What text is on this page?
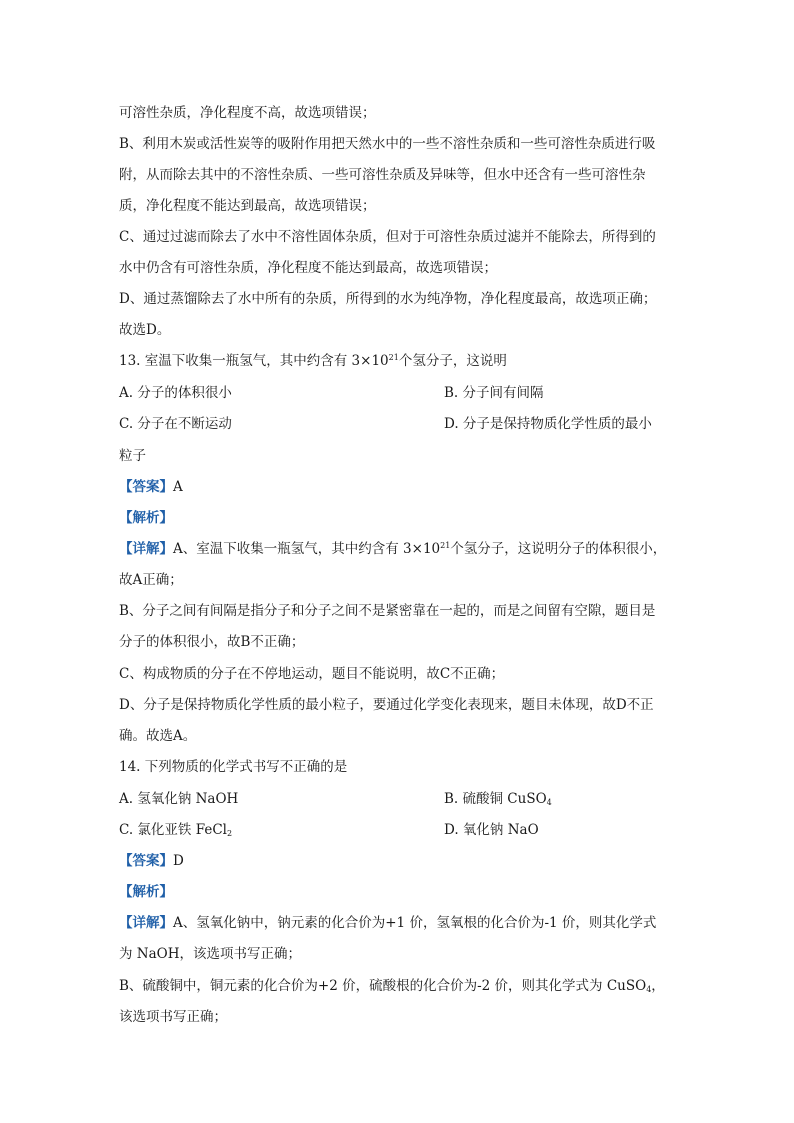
可溶性杂质，净化程度不高，故选项错误；
B、利用木炭或活性炭等的吸附作用把天然水中的一些不溶性杂质和一些可溶性杂质进行吸
附，从而除去其中的不溶性杂质、一些可溶性杂质及异味等，但水中还含有一些可溶性杂
质，净化程度不能达到最高，故选项错误；
C、通过过滤而除去了水中不溶性固体杂质，但对于可溶性杂质过滤并不能除去，所得到的
水中仍含有可溶性杂质，净化程度不能达到最高，故选项错误；
D、通过蒸馏除去了水中所有的杂质，所得到的水为纯净物，净化程度最高，故选项正确；
故选D。
13. 室温下收集一瓶氢气，其中约含有 $3\times 10^{21}$个氢分子，这说明
A. 分子的体积很小	B. 分子间有间隔
C. 分子在不断运动	D. 分子是保持物质化学性质的最小
粒子
【答案】A
【解析】
【详解】A、室温下收集一瓶氢气，其中约含有 $3\times 10^{21}$个氢分子，这说明分子的体积很小，
故A正确；
B、分子之间有间隔是指分子和分子之间不是紧密靠在一起的，而是之间留有空隙，题目是
分子的体积很小，故B不正确；
C、构成物质的分子在不停地运动，题目不能说明，故C不正确；
D、分子是保持物质化学性质的最小粒子，要通过化学变化表现来，题目未体现，故D不正
确。故选A。
14. 下列物质的化学式书写不正确的是
A. 氢氧化钠 NaOH	B. 硫酸铜 CuSO$_4$
C. 氯化亚铁 FeCl$_2$	D. 氧化钠 NaO
【答案】D
【解析】
【详解】A、氢氧化钠中，钠元素的化合价为+1 价，氢氧根的化合价为-1 价，则其化学式
为 NaOH，该选项书写正确；
B、硫酸铜中，铜元素的化合价为+2 价，硫酸根的化合价为-2 价，则其化学式为 CuSO$_4$，
该选项书写正确；
